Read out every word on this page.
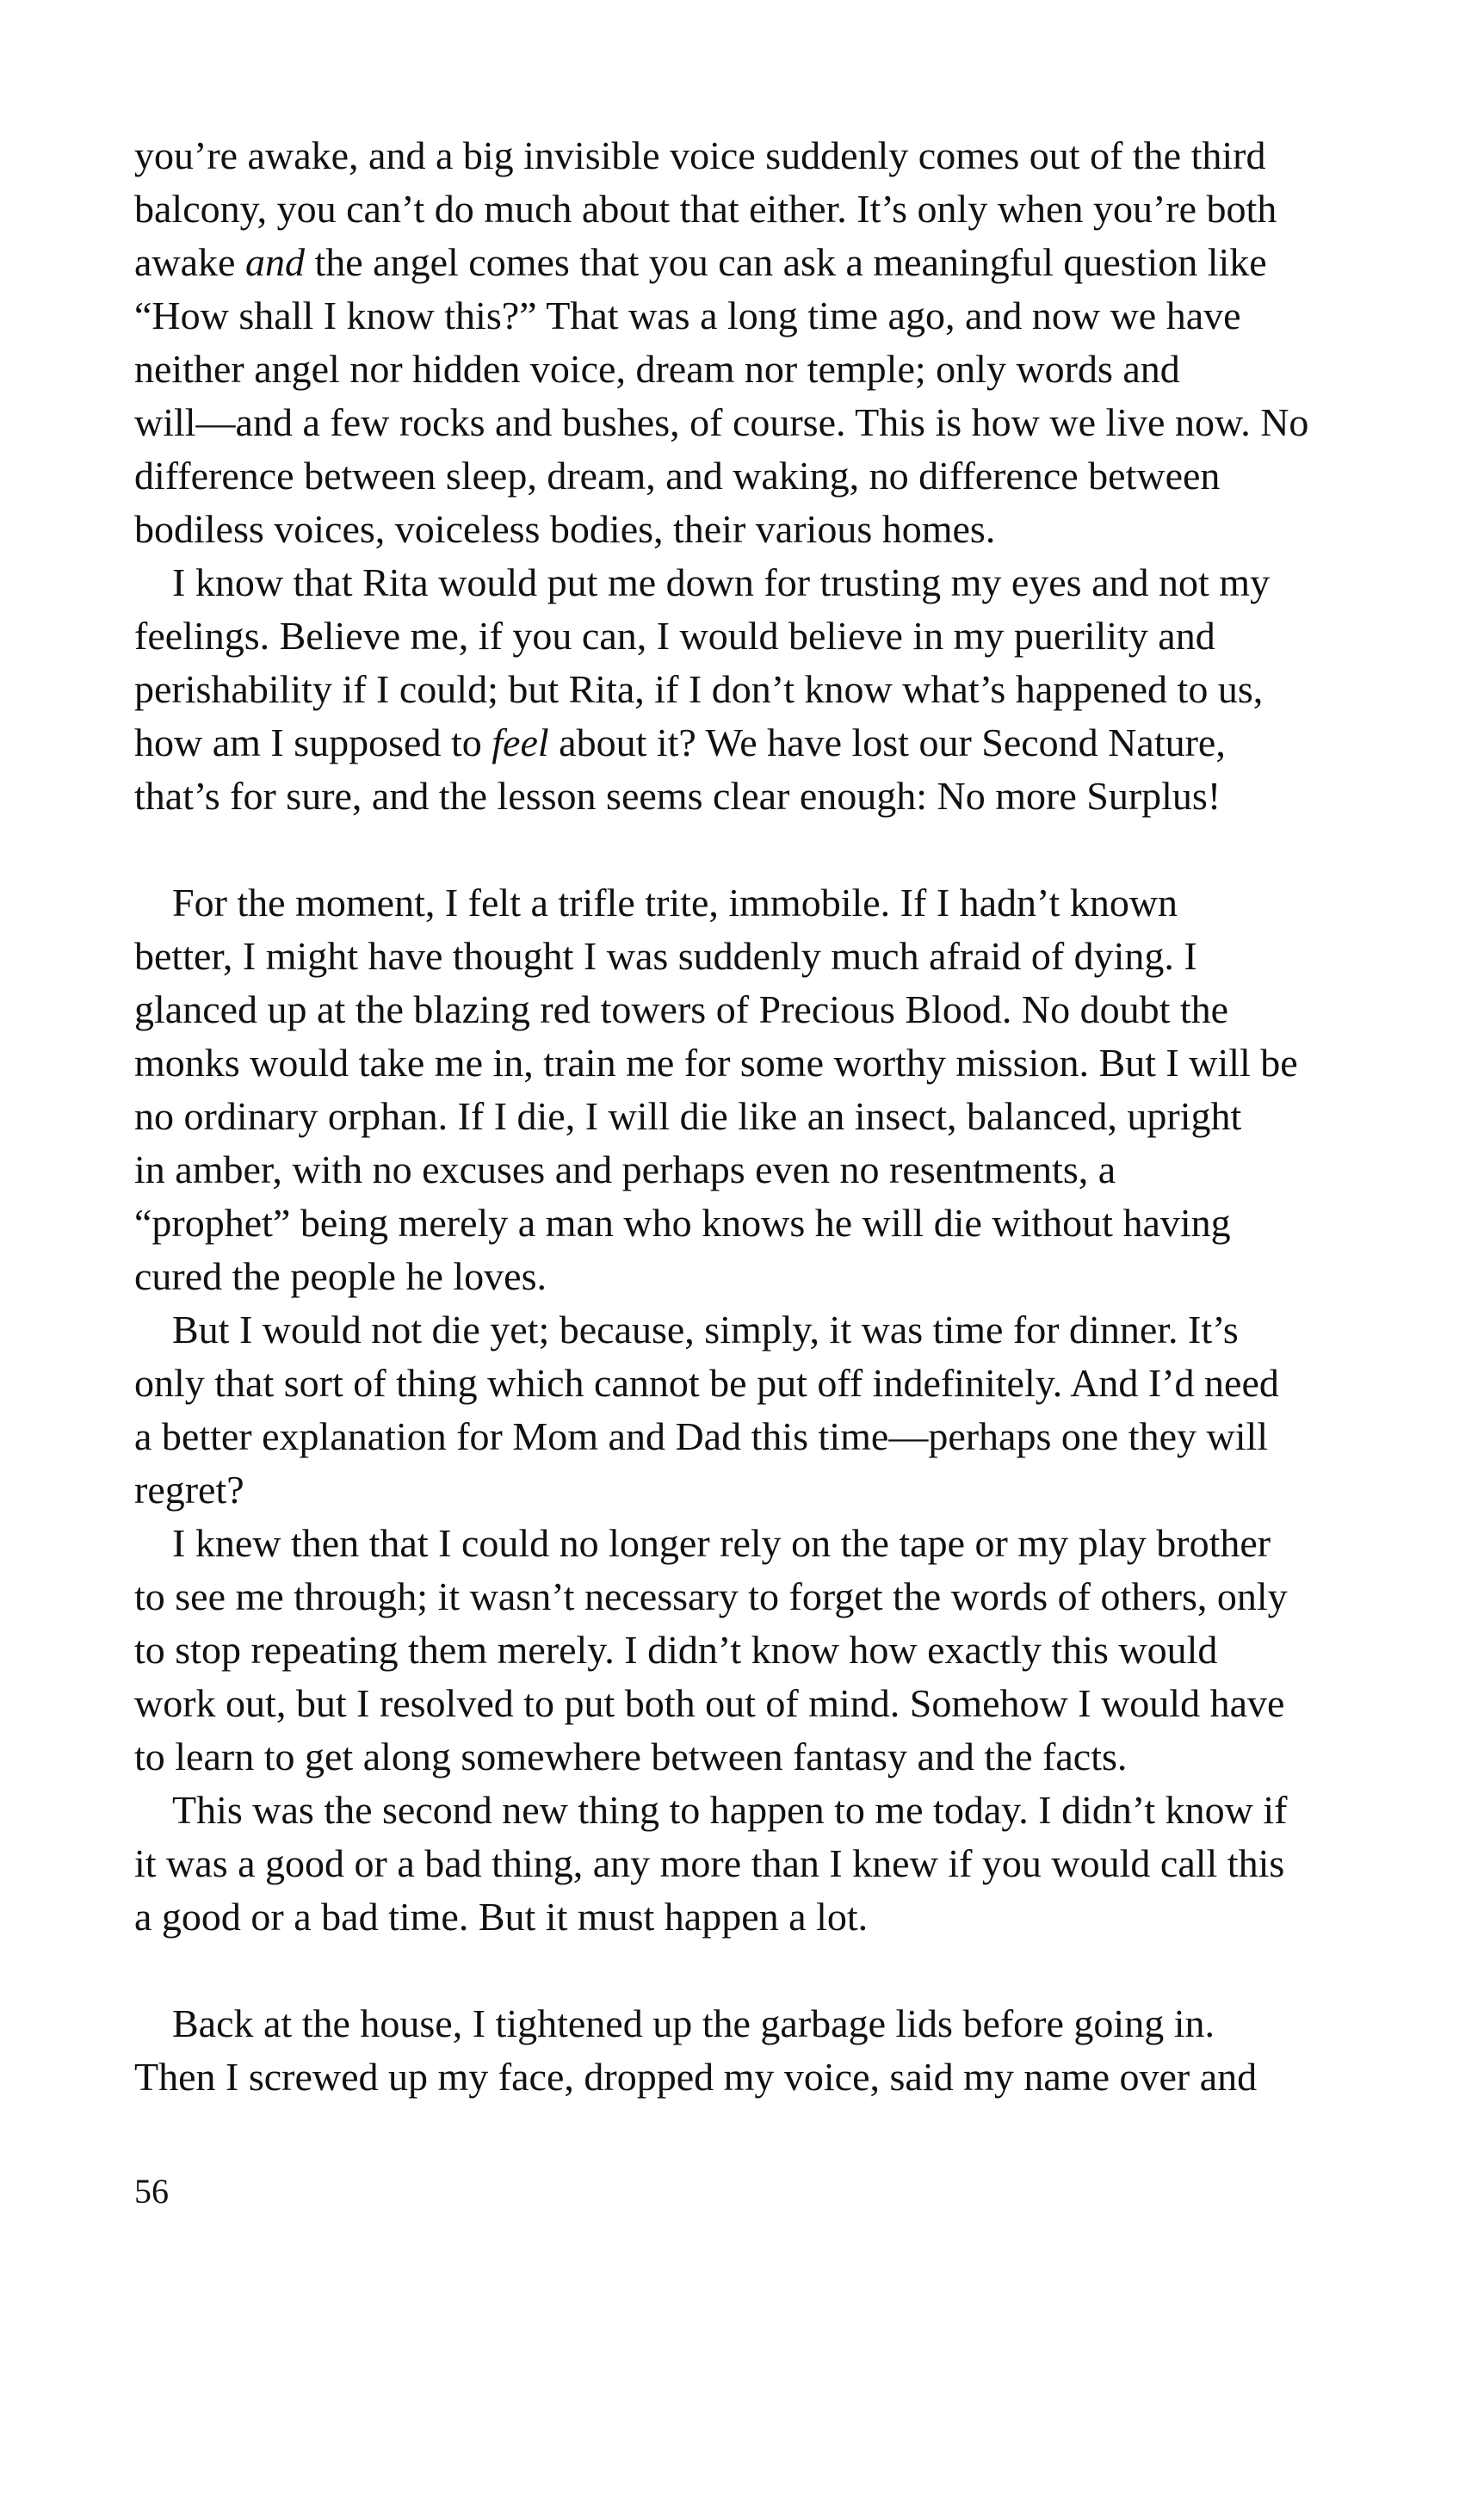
you’re awake, and a big invisible voice suddenly comes out of the third
balcony, you can’t do much about that either. It’s only when you’re both
awake and the angel comes that you can ask a meaningful question like
“How shall I know this?” That was a long time ago, and now we have
neither angel nor hidden voice, dream nor temple; only words and
will—and a few rocks and bushes, of course. This is how we live now. No
difference between sleep, dream, and waking, no difference between
bodiless voices, voiceless bodies, their various homes.

I know that Rita would put me down for trusting my eyes and not my
feelings. Believe me, if you can, I would believe in my puerility and
perishability if I could; but Rita, if I don’t know what’s happened to us,
how am I supposed to feel about it? We have lost our Second Nature,
that’s for sure, and the lesson seems clear enough: No more Surplus!

For the moment, I felt a trifle trite, immobile. If I hadn’t known
better, I might have thought I was suddenly much afraid of dying. I
glanced up at the blazing red towers of Precious Blood. No doubt the
monks would take me in, train me for some worthy mission. But I will be
no ordinary orphan. If I die, I will die like an insect, balanced, upright
in amber, with no excuses and perhaps even no resentments, a
“prophet” being merely a man who knows he will die without having
cured the people he loves.

But I would not die yet; because, simply, it was time for dinner. It’s
only that sort of thing which cannot be put off indefinitely. And I’d need
a better explanation for Mom and Dad this time—perhaps one they will
regret?

I knew then that I could no longer rely on the tape or my play brother
to see me through; it wasn’t necessary to forget the words of others, only
to stop repeating them merely. I didn’t know how exactly this would
work out, but I resolved to put both out of mind. Somehow I would have
to learn to get along somewhere between fantasy and the facts.

This was the second new thing to happen to me today. I didn’t know if
it was a good or a bad thing, any more than I knew if you would call this
a good or a bad time. But it must happen a lot.

Back at the house, I tightened up the garbage lids before going in.
Then I screwed up my face, dropped my voice, said my name over and

56
